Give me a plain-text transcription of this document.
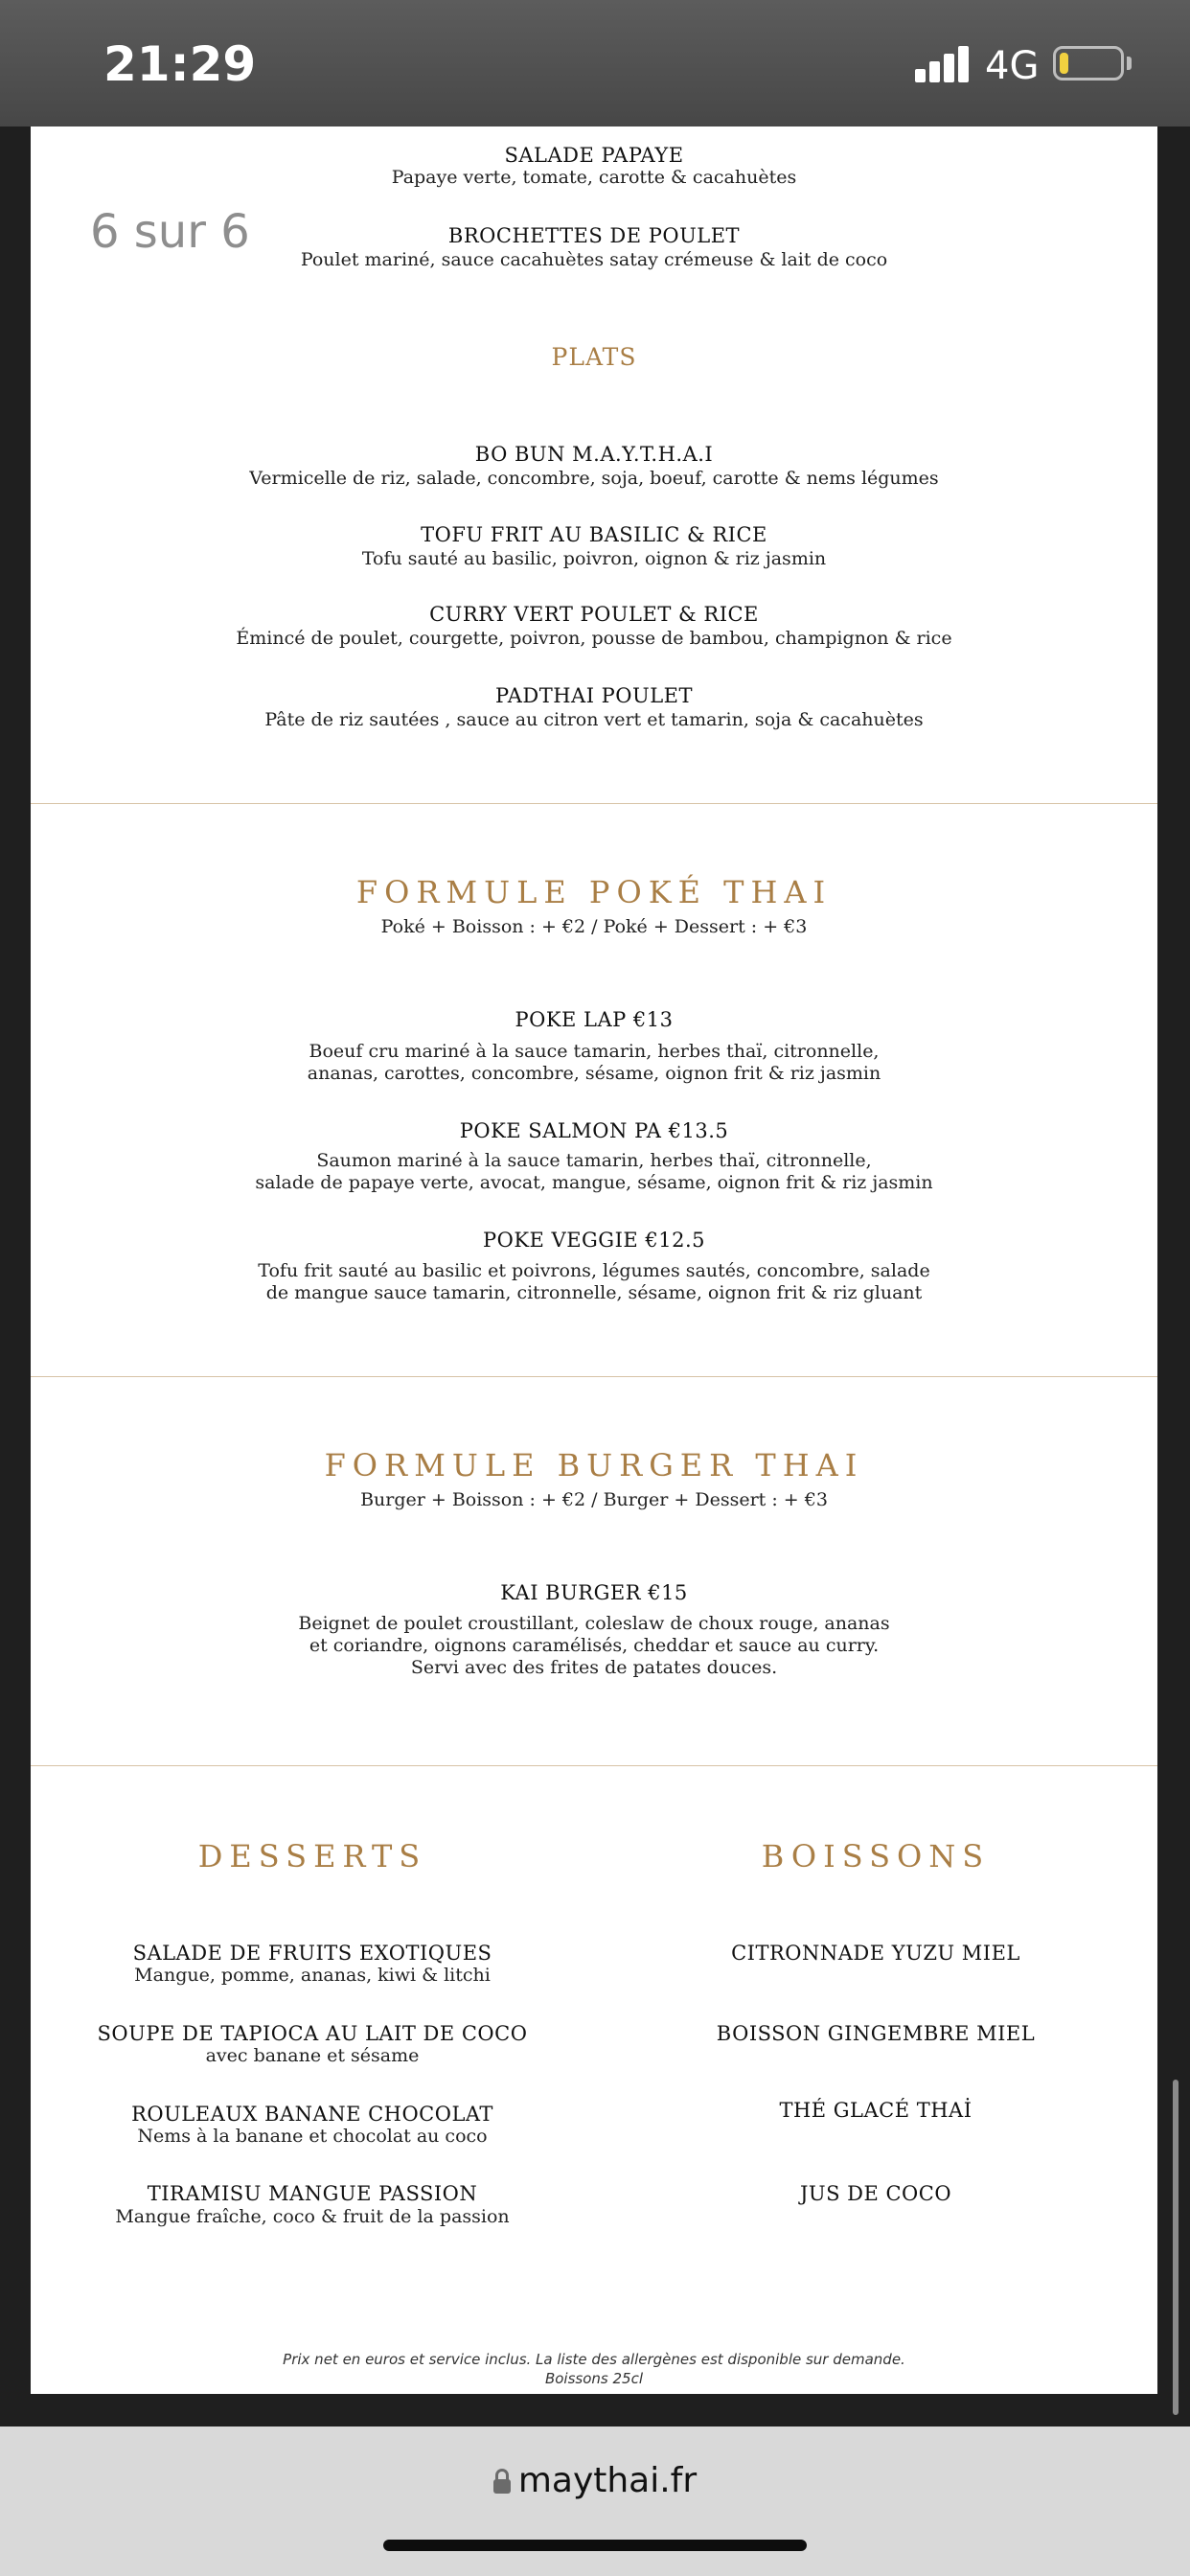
21:29	4G
SALADE PAPAYE
Papaye verte, tomate, carotte & cacahuètes
BROCHETTES DE POULET
Poulet mariné, sauce cacahuètes satay crémeuse & lait de coco
6 sur 6
PLATS
BO BUN M.A.Y.T.H.A.I
Vermicelle de riz, salade, concombre, soja, boeuf, carotte & nems légumes
TOFU FRIT AU BASILIC & RICE
Tofu sauté au basilic, poivron, oignon & riz jasmin
CURRY VERT POULET & RICE
Émincé de poulet, courgette, poivron, pousse de bambou, champignon & rice
PADTHAI POULET
Pâte de riz sautées , sauce au citron vert et tamarin, soja & cacahuètes
FORMULE POKÉ THAI
Poké + Boisson : + €2 / Poké + Dessert : + €3
POKE LAP €13
Boeuf cru mariné à la sauce tamarin, herbes thaï, citronnelle,
ananas, carottes, concombre, sésame, oignon frit & riz jasmin
POKE SALMON PA €13.5
Saumon mariné à la sauce tamarin, herbes thaï, citronnelle,
salade de papaye verte, avocat, mangue, sésame, oignon frit & riz jasmin
POKE VEGGIE €12.5
Tofu frit sauté au basilic et poivrons, légumes sautés, concombre, salade
de mangue sauce tamarin, citronnelle, sésame, oignon frit & riz gluant
FORMULE BURGER THAI
Burger + Boisson : + €2 / Burger + Dessert : + €3
KAI BURGER €15
Beignet de poulet croustillant, coleslaw de choux rouge, ananas
et coriandre, oignons caramélisés, cheddar et sauce au curry.
Servi avec des frites de patates douces.
DESSERTS
SALADE DE FRUITS EXOTIQUES
Mangue, pomme, ananas, kiwi & litchi
SOUPE DE TAPIOCA AU LAIT DE COCO
avec banane et sésame
ROULEAUX BANANE CHOCOLAT
Nems à la banane et chocolat au coco
TIRAMISU MANGUE PASSION
Mangue fraîche, coco & fruit de la passion
BOISSONS
CITRONNADE YUZU MIEL
BOISSON GINGEMBRE MIEL
THÉ GLACÉ THAİ
JUS DE COCO
Prix net en euros et service inclus. La liste des allergènes est disponible sur demande.
Boissons 25cl
maythai.fr
